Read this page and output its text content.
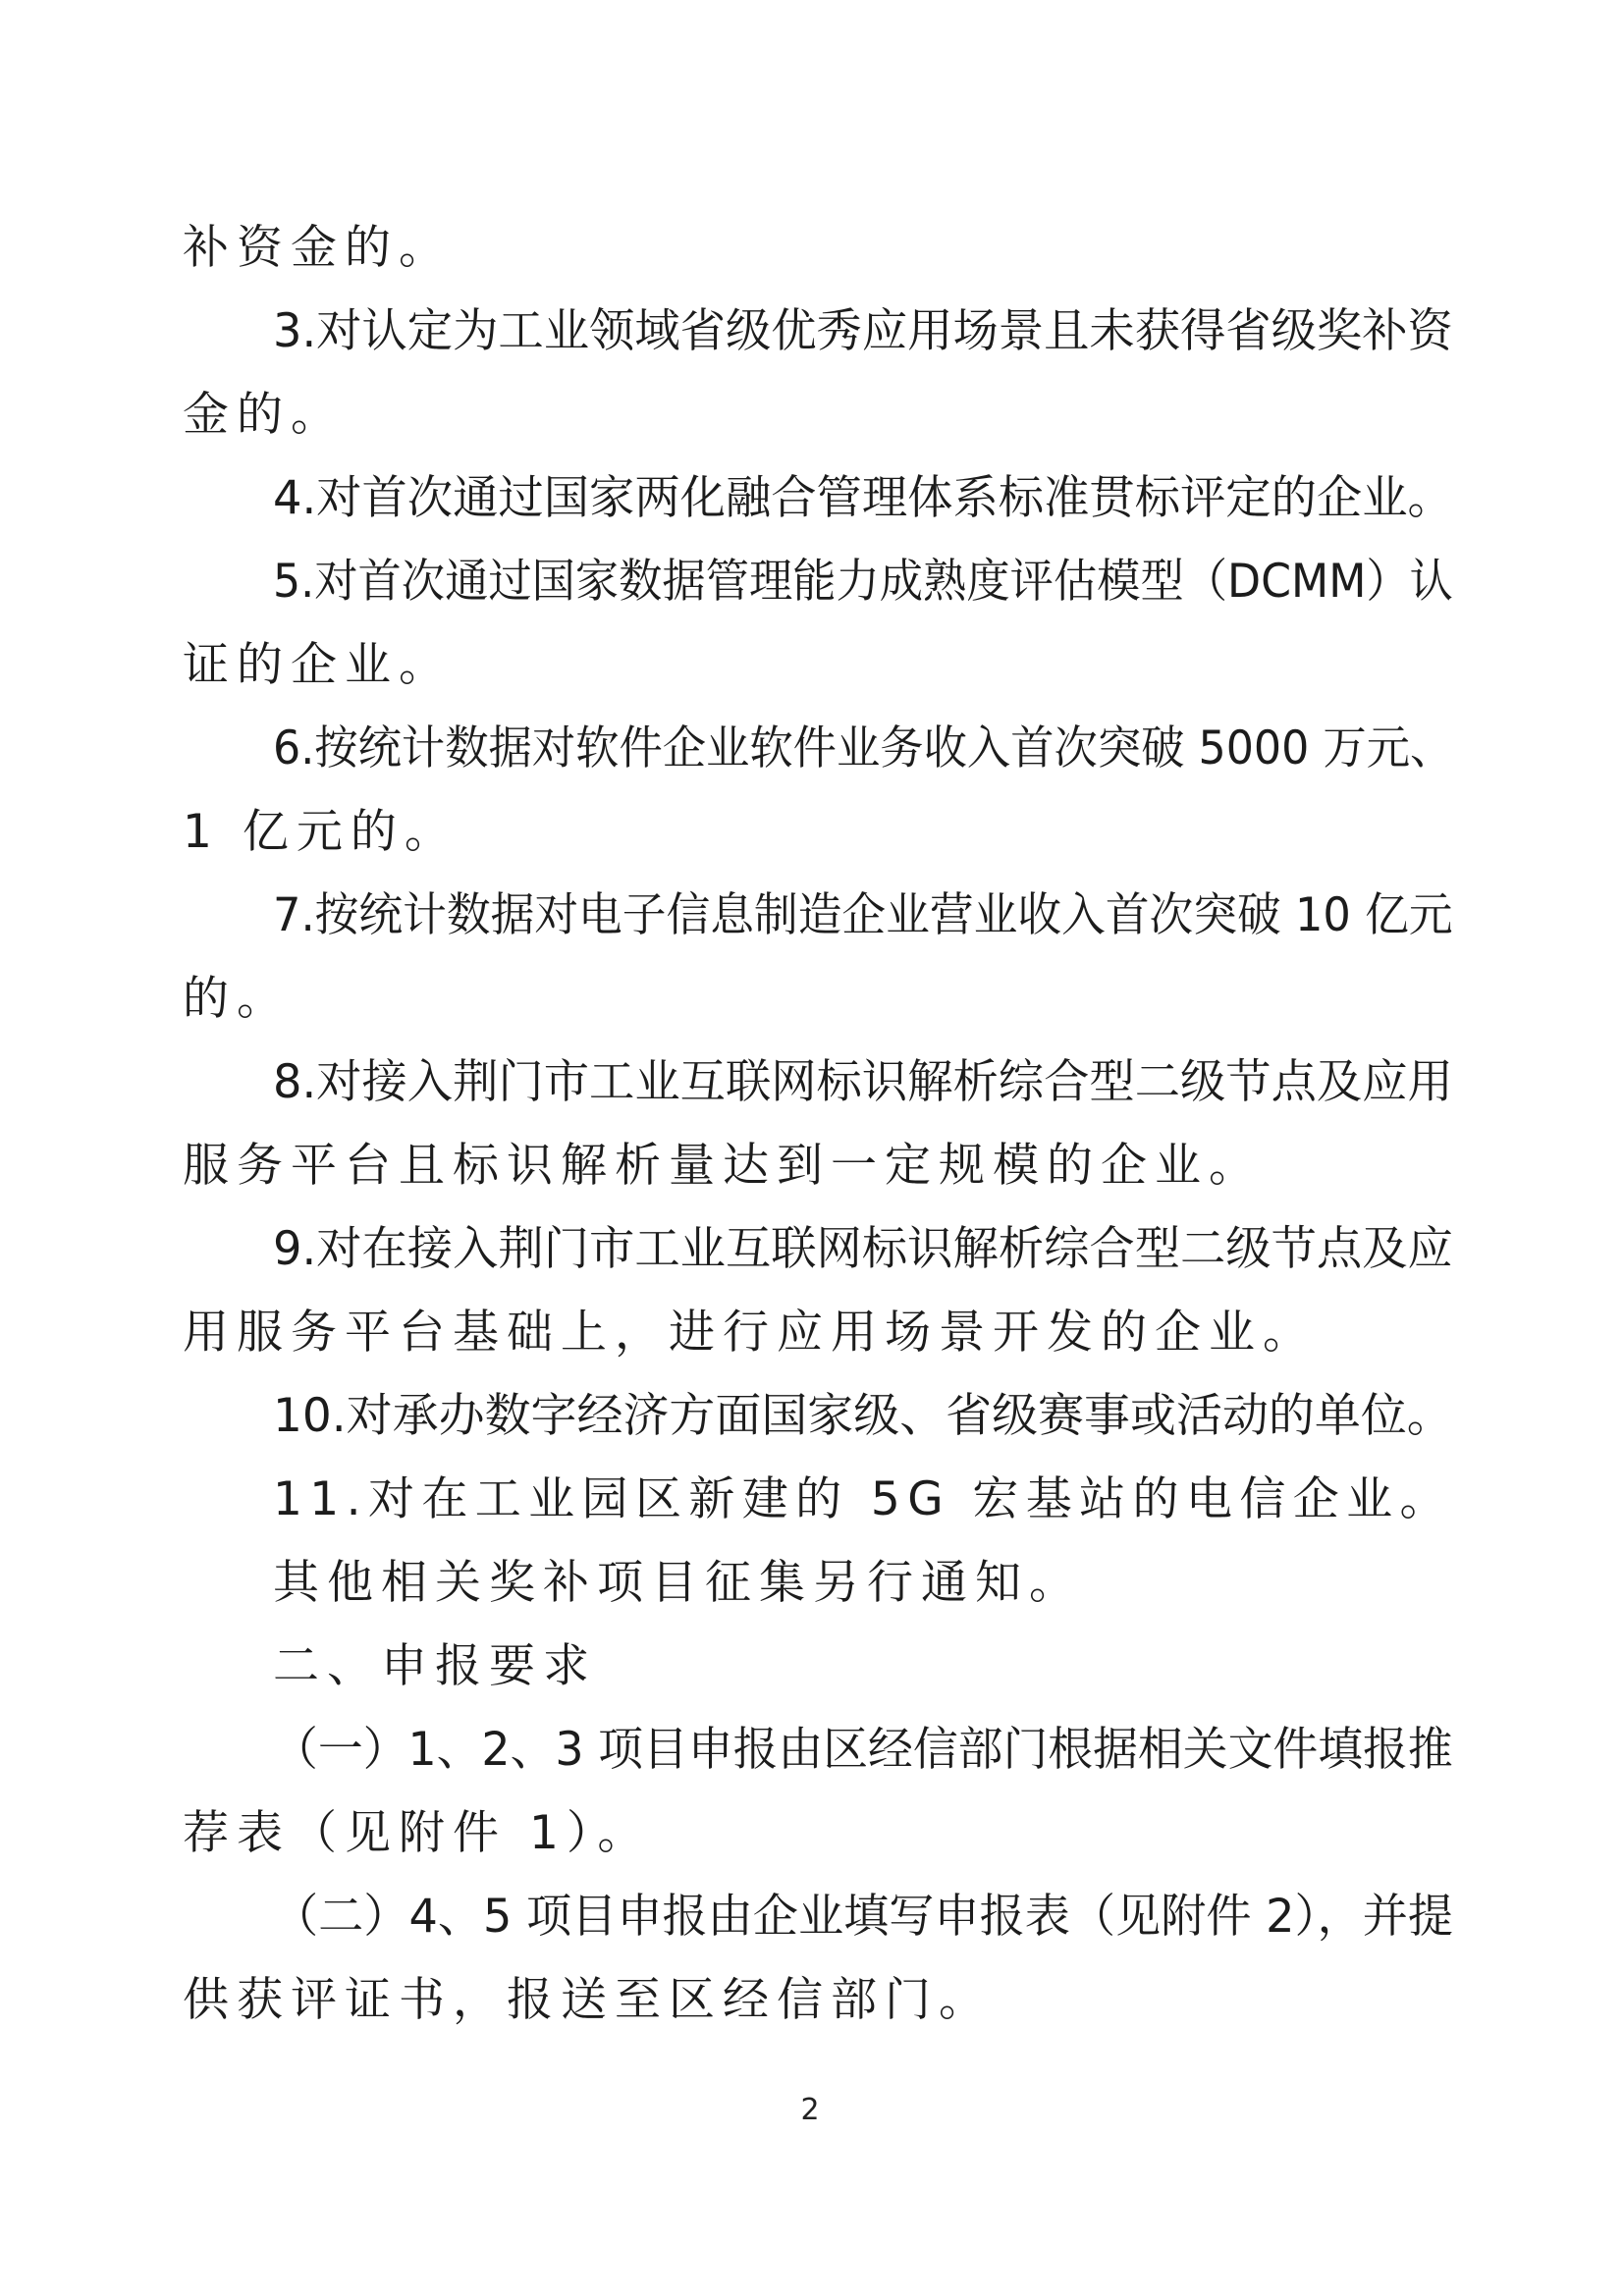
补资金的。
3.对认定为工业领域省级优秀应用场景且未获得省级奖补资
金的。
4.对首次通过国家两化融合管理体系标准贯标评定的企业。
5.对首次通过国家数据管理能力成熟度评估模型（DCMM）认
证的企业。
6.按统计数据对软件企业软件业务收入首次突破 5000 万元、
1 亿元的。
7.按统计数据对电子信息制造企业营业收入首次突破 10 亿元
的。
8.对接入荆门市工业互联网标识解析综合型二级节点及应用
服务平台且标识解析量达到一定规模的企业。
9.对在接入荆门市工业互联网标识解析综合型二级节点及应
用服务平台基础上，进行应用场景开发的企业。
10.对承办数字经济方面国家级、省级赛事或活动的单位。
11.对在工业园区新建的 5G 宏基站的电信企业。
其他相关奖补项目征集另行通知。
二、申报要求
（一）1、2、3 项目申报由区经信部门根据相关文件填报推
荐表（见附件 1）。
（二）4、5 项目申报由企业填写申报表（见附件 2），并提
供获评证书，报送至区经信部门。
2
